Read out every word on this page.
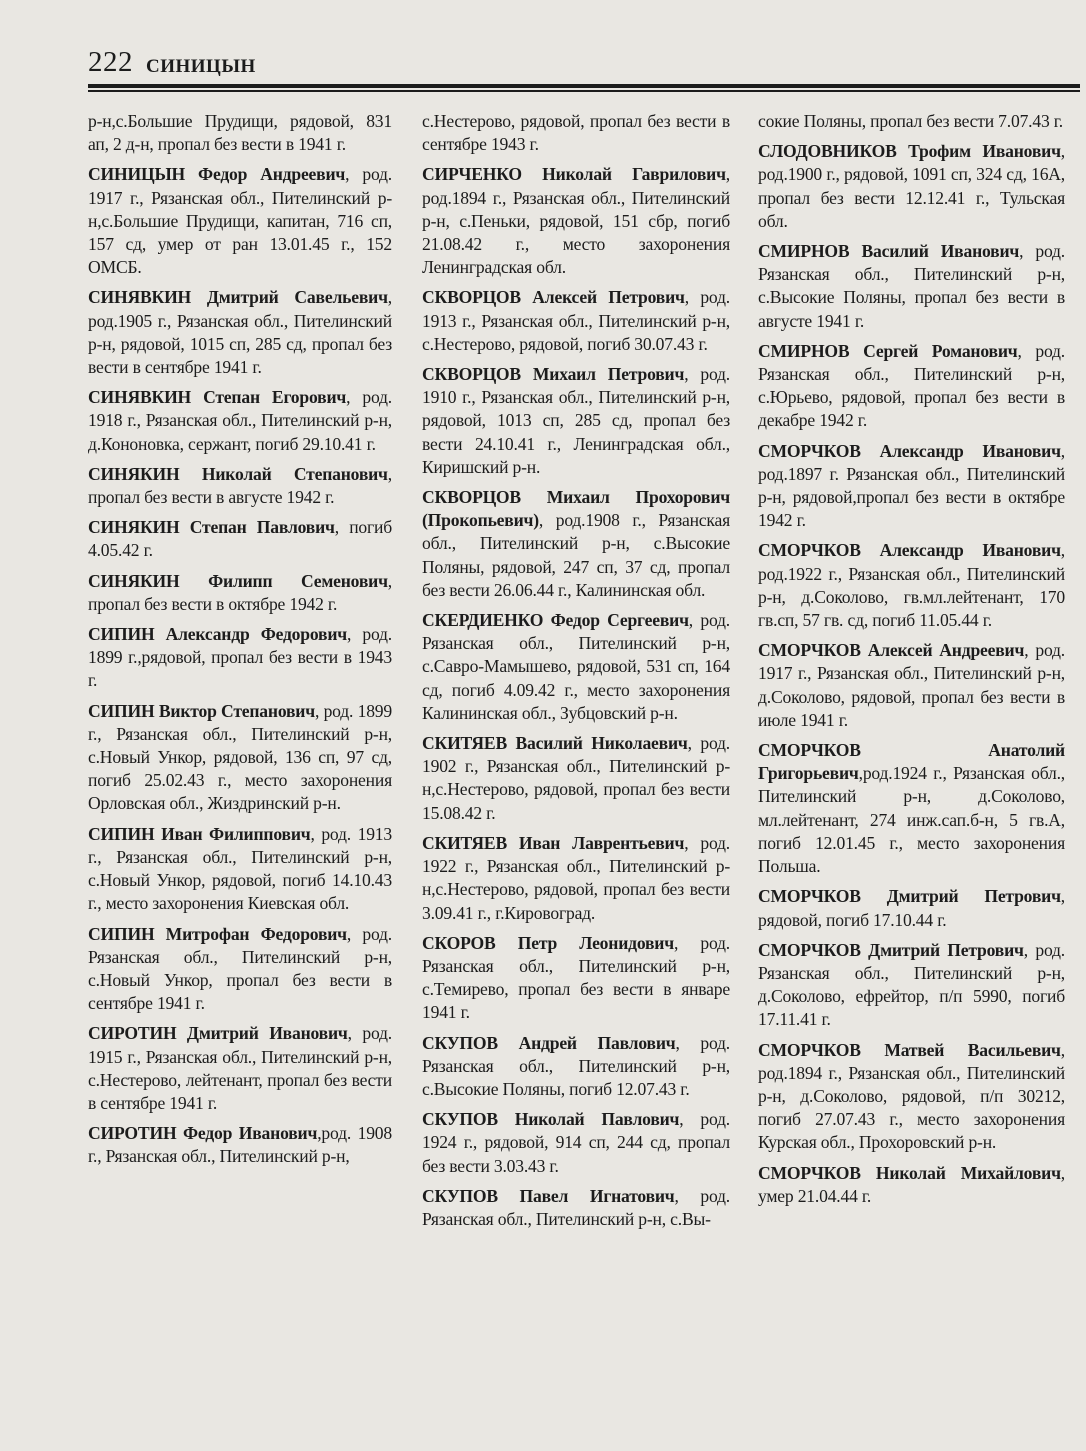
222 СИНИЦЫН

р-н,с.Большие Прудищи, рядовой, 831 ап, 2 д-н, пропал без вести в 1941 г.

СИНИЦЫН Федор Андреевич, род. 1917 г., Рязанская обл., Пителинский р-н,с.Большие Прудищи, капитан, 716 сп, 157 сд, умер от ран 13.01.45 г., 152 ОМСБ.

СИНЯВКИН Дмитрий Савельевич, род.1905 г., Рязанская обл., Пителинский р-н, рядовой, 1015 сп, 285 сд, пропал без вести в сентябре 1941 г.

СИНЯВКИН Степан Егорович, род. 1918 г., Рязанская обл., Пителинский р-н, д.Кононовка, сержант, погиб 29.10.41 г.

СИНЯКИН Николай Степанович, пропал без вести в августе 1942 г.

СИНЯКИН Степан Павлович, погиб 4.05.42 г.

СИНЯКИН Филипп Семенович, пропал без вести в октябре 1942 г.

СИПИН Александр Федорович, род. 1899 г.,рядовой, пропал без вести в 1943 г.

СИПИН Виктор Степанович, род. 1899 г., Рязанская обл., Пителинский р-н, с.Новый Ункор, рядовой, 136 сп, 97 сд, погиб 25.02.43 г., место захоронения Орловская обл., Жиздринский р-н.

СИПИН Иван Филиппович, род. 1913 г., Рязанская обл., Пителинский р-н, с.Новый Ункор, рядовой, погиб 14.10.43 г., место захоронения Киевская обл.

СИПИН Митрофан Федорович, род. Рязанская обл., Пителинский р-н, с.Новый Ункор, пропал без вести в сентябре 1941 г.

СИРОТИН Дмитрий Иванович, род. 1915 г., Рязанская обл., Пителинский р-н, с.Нестерово, лейтенант, пропал без вести в сентябре 1941 г.

СИРОТИН Федор Иванович,род. 1908 г., Рязанская обл., Пителинский р-н,

с.Нестерово, рядовой, пропал без вести в сентябре 1943 г.

СИРЧЕНКО Николай Гаврилович, род.1894 г., Рязанская обл., Пителинский р-н, с.Пеньки, рядовой, 151 сбр, погиб 21.08.42 г., место захоронения Ленинградская обл.

СКВОРЦОВ Алексей Петрович, род. 1913 г., Рязанская обл., Пителинский р-н, с.Нестерово, рядовой, погиб 30.07.43 г.

СКВОРЦОВ Михаил Петрович, род. 1910 г., Рязанская обл., Пителинский р-н, рядовой, 1013 сп, 285 сд, пропал без вести 24.10.41 г., Ленинградская обл., Киришский р-н.

СКВОРЦОВ Михаил Прохорович (Прокопьевич), род.1908 г., Рязанская обл., Пителинский р-н, с.Высокие Поляны, рядовой, 247 сп, 37 сд, пропал без вести 26.06.44 г., Калининская обл.

СКЕРДИЕНКО Федор Сергеевич, род. Рязанская обл., Пителинский р-н, с.Савро-Мамышево, рядовой, 531 сп, 164 сд, погиб 4.09.42 г., место захоронения Калининская обл., Зубцовский р-н.

СКИТЯЕВ Василий Николаевич, род. 1902 г., Рязанская обл., Пителинский р-н,с.Нестерово, рядовой, пропал без вести 15.08.42 г.

СКИТЯЕВ Иван Лаврентьевич, род. 1922 г., Рязанская обл., Пителинский р-н,с.Нестерово, рядовой, пропал без вести 3.09.41 г., г.Кировоград.

СКОРОВ Петр Леонидович, род. Рязанская обл., Пителинский р-н, с.Темирево, пропал без вести в январе 1941 г.

СКУПОВ Андрей Павлович, род. Рязанская обл., Пителинский р-н, с.Высокие Поляны, погиб 12.07.43 г.

СКУПОВ Николай Павлович, род. 1924 г., рядовой, 914 сп, 244 сд, пропал без вести 3.03.43 г.

СКУПОВ Павел Игнатович, род. Рязанская обл., Пителинский р-н, с.Вы-

сокие Поляны, пропал без вести 7.07.43 г.

СЛОДОВНИКОВ Трофим Иванович, род.1900 г., рядовой, 1091 сп, 324 сд, 16А, пропал без вести 12.12.41 г., Тульская обл.

СМИРНОВ Василий Иванович, род. Рязанская обл., Пителинский р-н, с.Высокие Поляны, пропал без вести в августе 1941 г.

СМИРНОВ Сергей Романович, род. Рязанская обл., Пителинский р-н, с.Юрьево, рядовой, пропал без вести в декабре 1942 г.

СМОРЧКОВ Александр Иванович, род.1897 г. Рязанская обл., Пителинский р-н, рядовой,пропал без вести в октябре 1942 г.

СМОРЧКОВ Александр Иванович, род.1922 г., Рязанская обл., Пителинский р-н, д.Соколово, гв.мл.лейтенант, 170 гв.сп, 57 гв. сд, погиб 11.05.44 г.

СМОРЧКОВ Алексей Андреевич, род. 1917 г., Рязанская обл., Пителинский р-н, д.Соколово, рядовой, пропал без вести в июле 1941 г.

СМОРЧКОВ Анатолий Григорьевич,род.1924 г., Рязанская обл., Пителинский р-н, д.Соколово, мл.лейтенант, 274 инж.сап.б-н, 5 гв.А, погиб 12.01.45 г., место захоронения Польша.

СМОРЧКОВ Дмитрий Петрович, рядовой, погиб 17.10.44 г.

СМОРЧКОВ Дмитрий Петрович, род. Рязанская обл., Пителинский р-н, д.Соколово, ефрейтор, п/п 5990, погиб 17.11.41 г.

СМОРЧКОВ Матвей Васильевич, род.1894 г., Рязанская обл., Пителинский р-н, д.Соколово, рядовой, п/п 30212, погиб 27.07.43 г., место захоронения Курская обл., Прохоровский р-н.

СМОРЧКОВ Николай Михайлович, умер 21.04.44 г.
